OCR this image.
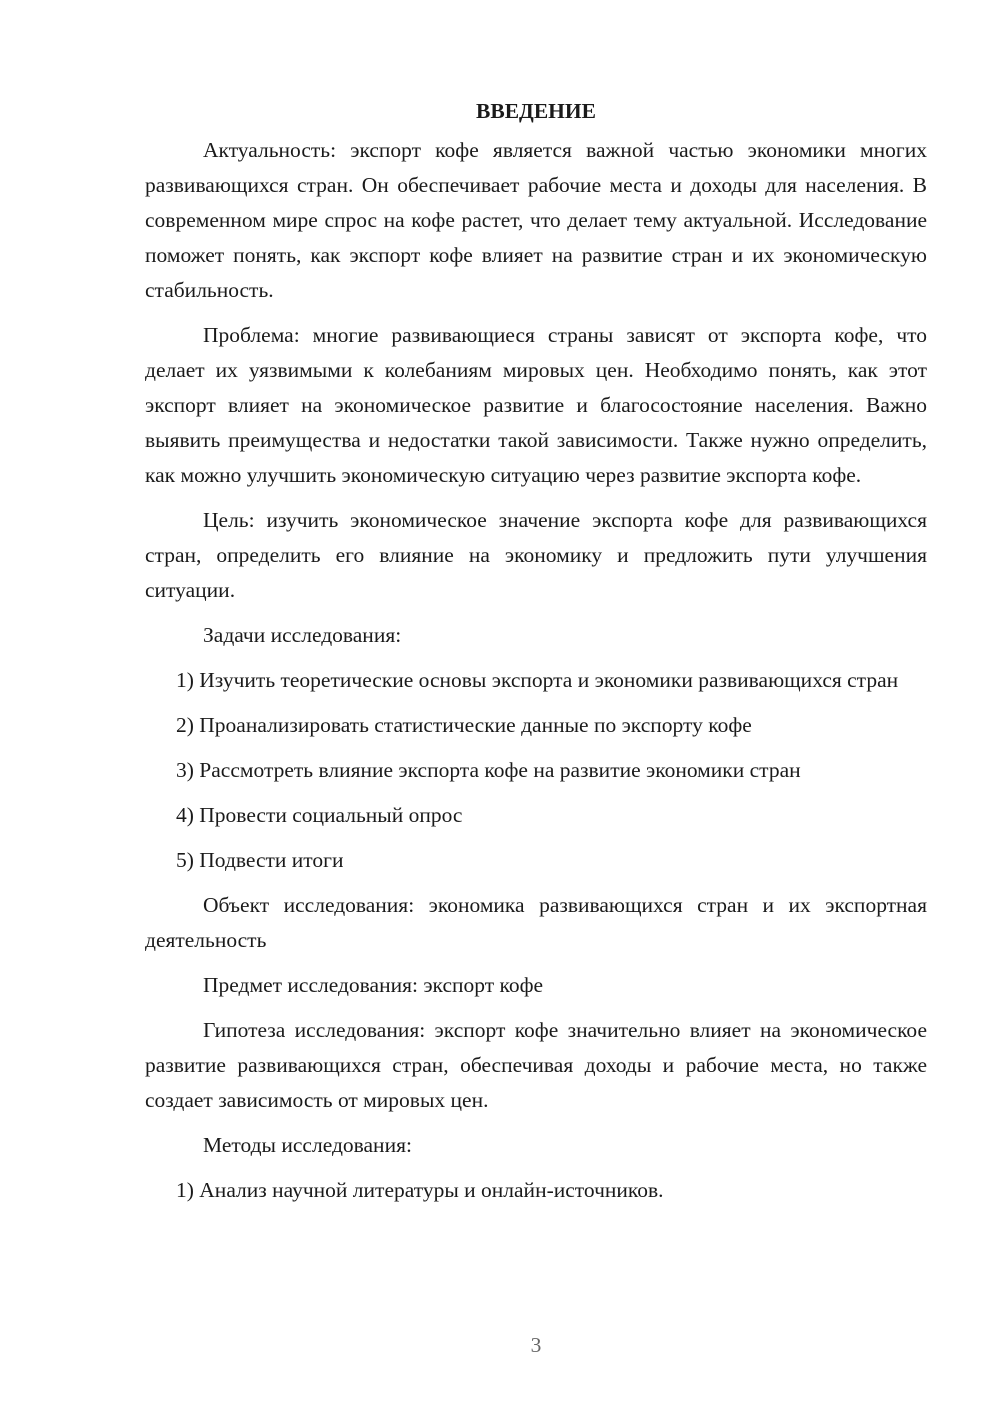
ВВЕДЕНИЕ

Актуальность: экспорт кофе является важной частью экономики многих развивающихся стран. Он обеспечивает рабочие места и доходы для населения. В современном мире спрос на кофе растет, что делает тему актуальной. Исследование поможет понять, как экспорт кофе влияет на развитие стран и их экономическую стабильность.

Проблема: многие развивающиеся страны зависят от экспорта кофе, что делает их уязвимыми к колебаниям мировых цен. Необходимо понять, как этот экспорт влияет на экономическое развитие и благосостояние населения. Важно выявить преимущества и недостатки такой зависимости. Также нужно определить, как можно улучшить экономическую ситуацию через развитие экспорта кофе.

Цель: изучить экономическое значение экспорта кофе для развивающихся стран, определить его влияние на экономику и предложить пути улучшения ситуации.

Задачи исследования:

1) Изучить теоретические основы экспорта и экономики развивающихся стран

2) Проанализировать статистические данные по экспорту кофе

3) Рассмотреть влияние экспорта кофе на развитие экономики стран

4) Провести социальный опрос

5) Подвести итоги

Объект исследования: экономика развивающихся стран и их экспортная деятельность

Предмет исследования: экспорт кофе

Гипотеза исследования: экспорт кофе значительно влияет на экономическое развитие развивающихся стран, обеспечивая доходы и рабочие места, но также создает зависимость от мировых цен.

Методы исследования:

1) Анализ научной литературы и онлайн-источников.

3
